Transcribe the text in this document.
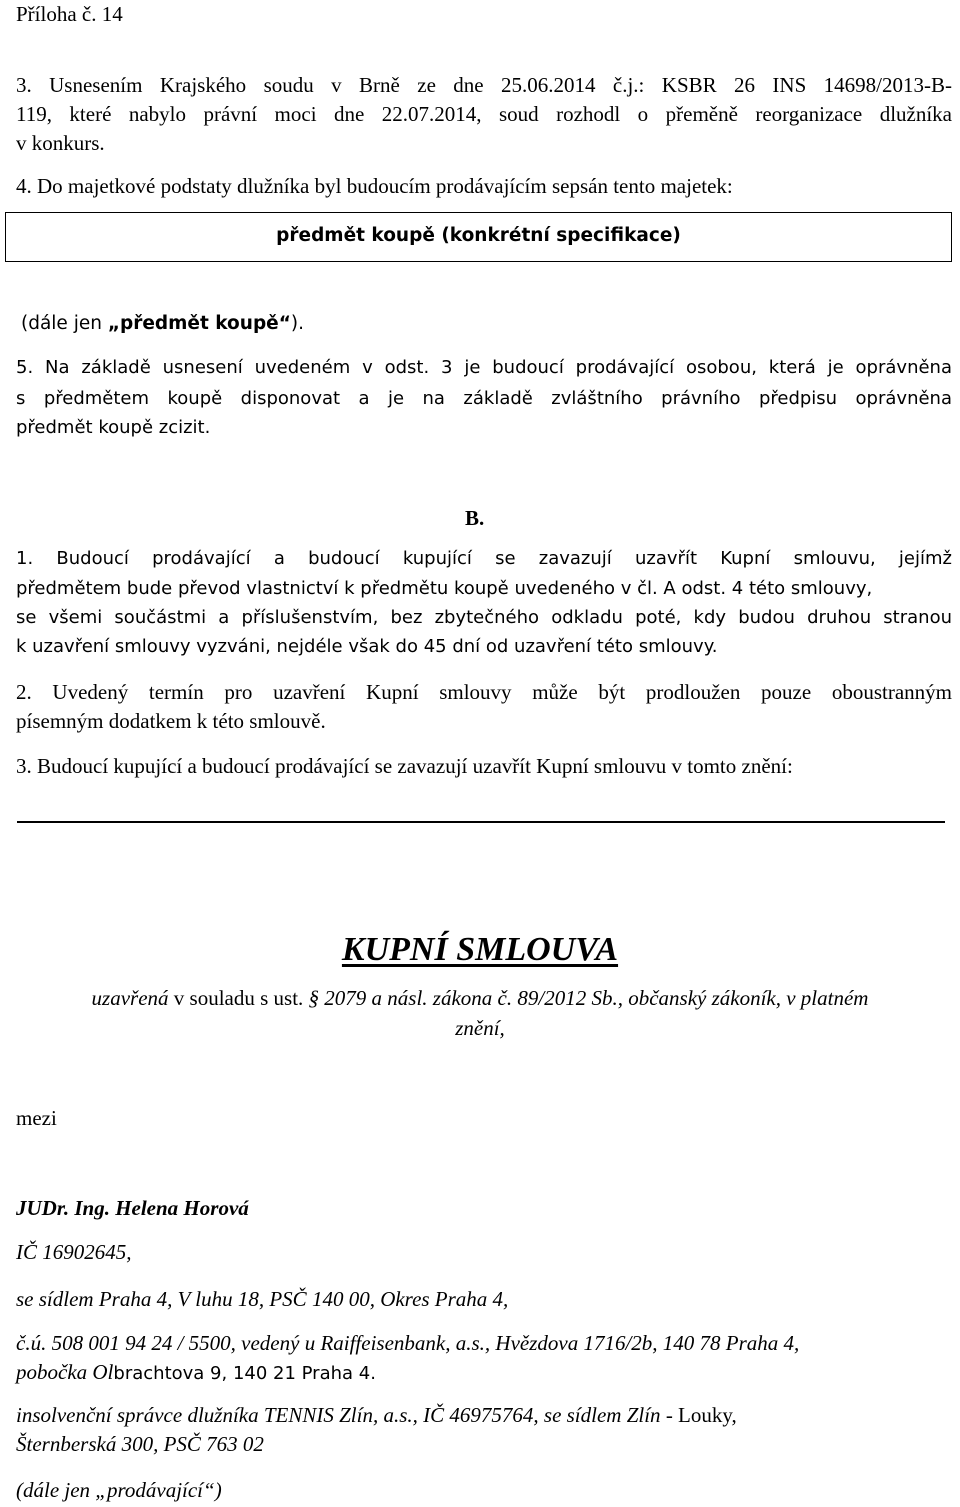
Příloha č. 14
3. Usnesením Krajského soudu v Brně ze dne 25.06.2014 č.j.: KSBR 26 INS 14698/2013-B-
119, které nabylo právní moci dne 22.07.2014, soud rozhodl o přeměně reorganizace dlužníka
v konkurs.
4. Do majetkové podstaty dlužníka byl budoucím prodávajícím sepsán tento majetek:
předmět koupě (konkrétní specifikace)
(dále jen „předmět koupě“).
5. Na základě usnesení uvedeném v odst. 3 je budoucí prodávající osobou, která je oprávněna
s předmětem koupě disponovat a je na základě zvláštního právního předpisu oprávněna
předmět koupě zcizit.
B.
1. Budoucí prodávající a budoucí kupující se zavazují uzavřít Kupní smlouvu, jejímž
předmětem bude převod vlastnictví k předmětu koupě uvedeného v čl. A odst. 4 této smlouvy,
se všemi součástmi a příslušenstvím, bez zbytečného odkladu poté, kdy budou druhou stranou
k uzavření smlouvy vyzváni, nejdéle však do 45 dní od uzavření této smlouvy.
2. Uvedený termín pro uzavření Kupní smlouvy může být prodloužen pouze oboustranným
písemným dodatkem k této smlouvě.
3. Budoucí kupující a budoucí prodávající se zavazují uzavřít Kupní smlouvu v tomto znění:
KUPNÍ SMLOUVA
uzavřená v souladu s ust. § 2079 a násl. zákona č. 89/2012 Sb., občanský zákoník, v platném
znění,
mezi
JUDr. Ing. Helena Horová
IČ 16902645,
se sídlem Praha 4, V luhu 18, PSČ 140 00, Okres Praha 4,
č.ú. 508 001 94 24 / 5500, vedený u Raiffeisenbank, a.s., Hvězdova 1716/2b, 140 78 Praha 4,
pobočka Olbrachtova 9, 140 21 Praha 4.
insolvenční správce dlužníka TENNIS Zlín, a.s., IČ 46975764, se sídlem Zlín - Louky,
Šternberská 300, PSČ 763 02
(dále jen „prodávající“)
